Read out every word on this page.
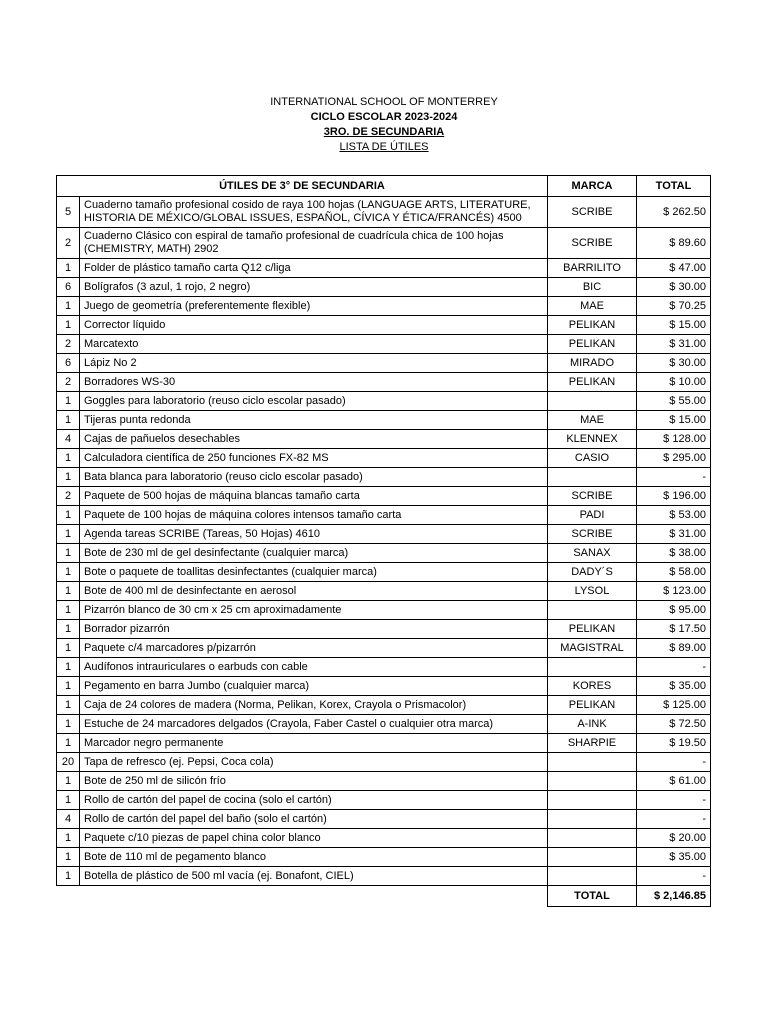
INTERNATIONAL SCHOOL OF MONTERREY
CICLO ESCOLAR 2023-2024
3RO. DE SECUNDARIA
LISTA DE ÚTILES
ÚTILES DE 3° DE SECUNDARIA		MARCA	TOTAL
5	Cuaderno tamaño profesional cosido de raya 100 hojas (LANGUAGE ARTS, LITERATURE, HISTORIA DE MÉXICO/GLOBAL ISSUES, ESPAÑOL, CÍVICA Y ÉTICA/FRANCÉS) 4500	SCRIBE	$ 262.50
2	Cuaderno Clásico con espiral de tamaño profesional de cuadrícula chica de 100 hojas (CHEMISTRY, MATH) 2902	SCRIBE	$ 89.60
1	Folder de plástico tamaño carta Q12 c/liga	BARRILITO	$ 47.00
6	Bolígrafos (3 azul, 1 rojo, 2 negro)	BIC	$ 30.00
1	Juego de geometría (preferentemente flexible)	MAE	$ 70.25
1	Corrector líquido	PELIKAN	$ 15.00
2	Marcatexto	PELIKAN	$ 31.00
6	Lápiz No 2	MIRADO	$ 30.00
2	Borradores WS-30	PELIKAN	$ 10.00
1	Goggles para laboratorio (reuso ciclo escolar pasado)		$ 55.00
1	Tijeras punta redonda	MAE	$ 15.00
4	Cajas de pañuelos desechables	KLENNEX	$ 128.00
1	Calculadora científica de 250 funciones FX-82 MS	CASIO	$ 295.00
1	Bata blanca para laboratorio (reuso ciclo escolar pasado)		-
2	Paquete de 500 hojas de máquina blancas tamaño carta	SCRIBE	$ 196.00
1	Paquete de 100 hojas de máquina colores intensos tamaño carta	PADI	$ 53.00
1	Agenda tareas SCRIBE (Tareas, 50 Hojas) 4610	SCRIBE	$ 31.00
1	Bote de 230 ml de gel desinfectante (cualquier marca)	SANAX	$ 38.00
1	Bote o paquete de toallitas desinfectantes (cualquier marca)	DADY´S	$ 58.00
1	Bote de 400 ml de desinfectante en aerosol	LYSOL	$ 123.00
1	Pizarrón blanco de 30 cm x 25 cm aproximadamente		$ 95.00
1	Borrador pizarrón	PELIKAN	$ 17.50
1	Paquete c/4 marcadores p/pizarrón	MAGISTRAL	$ 89.00
1	Audífonos intrauriculares o earbuds con cable		-
1	Pegamento en barra Jumbo (cualquier marca)	KORES	$ 35.00
1	Caja de 24 colores de madera (Norma, Pelikan, Korex, Crayola o Prismacolor)	PELIKAN	$ 125.00
1	Estuche de 24 marcadores delgados (Crayola, Faber Castel o cualquier otra marca)	A-INK	$ 72.50
1	Marcador negro permanente	SHARPIE	$ 19.50
20	Tapa de refresco (ej. Pepsi, Coca cola)		-
1	Bote de 250 ml de silicón frío		$ 61.00
1	Rollo de cartón del papel de cocina (solo el cartón)		-
4	Rollo de cartón del papel del baño (solo el cartón)		-
1	Paquete c/10 piezas de papel china color blanco		$ 20.00
1	Bote de 110 ml de pegamento blanco		$ 35.00
1	Botella de plástico de 500 ml vacía (ej. Bonafont, CIEL)		-
		TOTAL	$ 2,146.85
